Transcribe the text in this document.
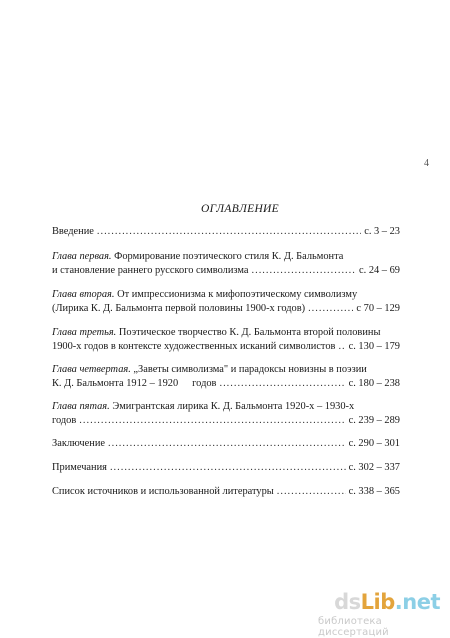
4
ОГЛАВЛЕНИЕ
Введение .....	с. 3 – 23
Глава первая. Формирование поэтического стиля К. Д. Бальмонта
и становление раннего русского символизма .....	с. 24 – 69
Глава вторая. От импрессионизма к мифопоэтическому символизму
(Лирика К. Д. Бальмонта первой половины 1900-х годов) .....	с 70 – 129
Глава третья. Поэтическое творчество К. Д. Бальмонта второй половины
1900-х годов в контексте художественных исканий символистов ..... с. 130 – 179
Глава четвертая. „Заветы символизма" и парадоксы новизны в поэзии
К. Д. Бальмонта 1912 – 1920 годов .....	с. 180 – 238
Глава пятая. Эмигрантская лирика К. Д. Бальмонта 1920-х – 1930-х
годов .....	с. 239 – 289
Заключение .....	с. 290 – 301
Примечания .....	с. 302 – 337
Список источников и использованной литературы .....	с. 338 – 365
dsLib.net
библиотека диссертаций
